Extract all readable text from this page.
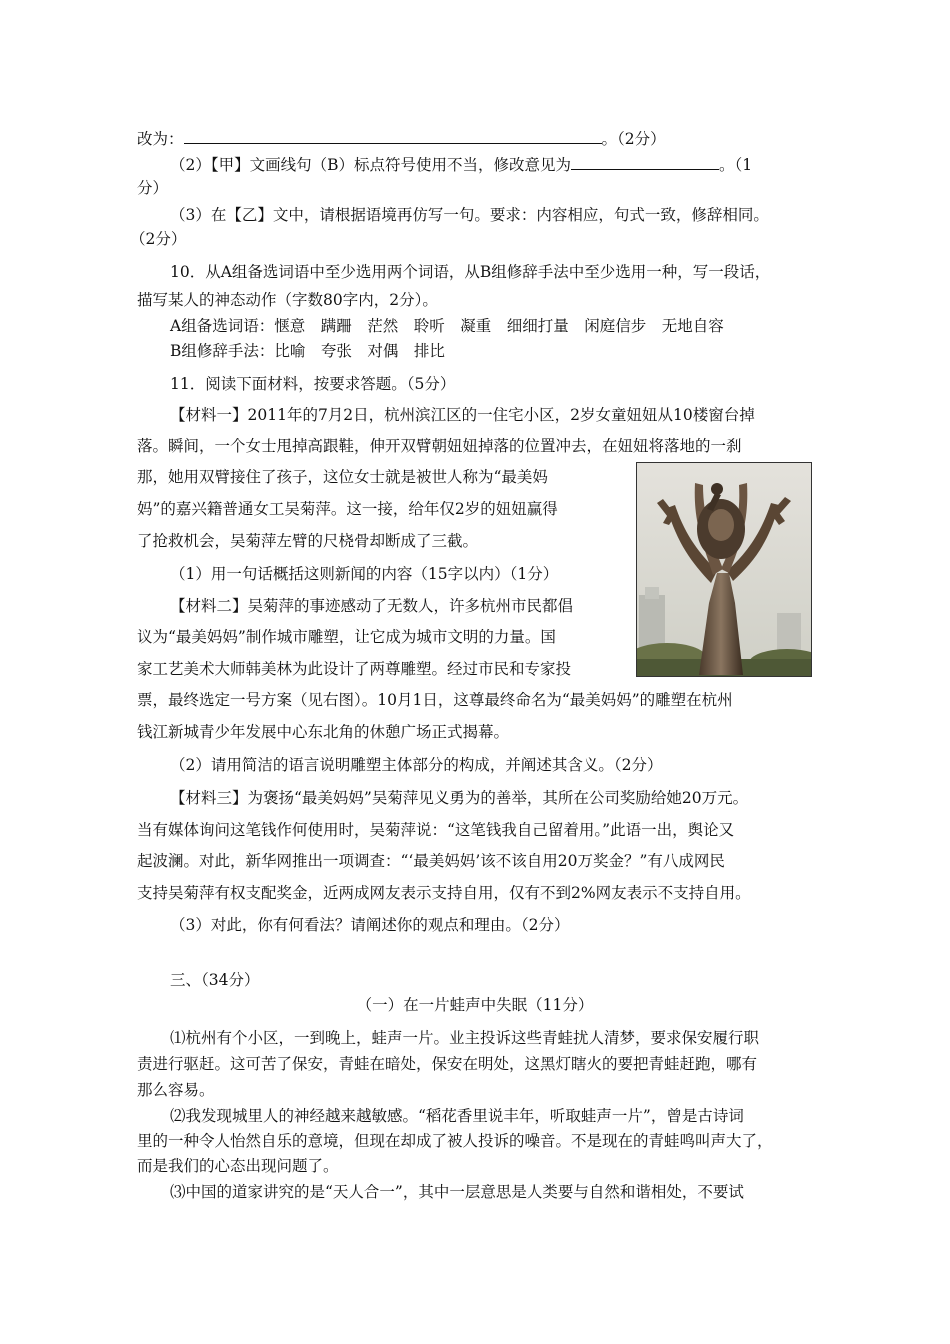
改为：	。（2分）
（2）【甲】文画线句（B）标点符号使用不当，修改意见为	。（1
分）
（3）在【乙】文中，请根据语境再仿写一句。要求：内容相应，句式一致，修辞相同。
（2分）
10．从A组备选词语中至少选用两个词语，从B组修辞手法中至少选用一种，写一段话，
描写某人的神态动作（字数80字内，2分）。
A组备选词语：惬意　蹒跚　茫然　聆听　凝重　细细打量　闲庭信步　无地自容
B组修辞手法：比喻　夸张　对偶　排比
11．阅读下面材料，按要求答题。（5分）
【材料一】2011年的7月2日，杭州滨江区的一住宅小区，2岁女童妞妞从10楼窗台掉
落。瞬间，一个女士甩掉高跟鞋，伸开双臂朝妞妞掉落的位置冲去，在妞妞将落地的一刹
那，她用双臂接住了孩子，这位女士就是被世人称为“最美妈
妈”的嘉兴籍普通女工吴菊萍。这一接，给年仅2岁的妞妞赢得
了抢救机会，吴菊萍左臂的尺桡骨却断成了三截。
（1）用一句话概括这则新闻的内容（15字以内）（1分）
【材料二】吴菊萍的事迹感动了无数人，许多杭州市民都倡
议为“最美妈妈”制作城市雕塑，让它成为城市文明的力量。国
家工艺美术大师韩美林为此设计了两尊雕塑。经过市民和专家投
票，最终选定一号方案（见右图）。10月1日，这尊最终命名为“最美妈妈”的雕塑在杭州
钱江新城青少年发展中心东北角的休憩广场正式揭幕。
（2）请用简洁的语言说明雕塑主体部分的构成，并阐述其含义。（2分）
【材料三】为褒扬“最美妈妈”吴菊萍见义勇为的善举，其所在公司奖励给她20万元。
当有媒体询问这笔钱作何使用时，吴菊萍说：“这笔钱我自己留着用。”此语一出，舆论又
起波澜。对此，新华网推出一项调查：“‘最美妈妈’该不该自用20万奖金？”有八成网民
支持吴菊萍有权支配奖金，近两成网友表示支持自用，仅有不到2%网友表示不支持自用。
（3）对此，你有何看法？请阐述你的观点和理由。（2分）
三、（34分）
（一）在一片蛙声中失眠（11分）
⑴杭州有个小区，一到晚上，蛙声一片。业主投诉这些青蛙扰人清梦，要求保安履行职
责进行驱赶。这可苦了保安，青蛙在暗处，保安在明处，这黑灯瞎火的要把青蛙赶跑，哪有
那么容易。
⑵我发现城里人的神经越来越敏感。“稻花香里说丰年，听取蛙声一片”，曾是古诗词
里的一种令人怡然自乐的意境，但现在却成了被人投诉的噪音。不是现在的青蛙鸣叫声大了，
而是我们的心态出现问题了。
⑶中国的道家讲究的是“天人合一”，其中一层意思是人类要与自然和谐相处，不要试
